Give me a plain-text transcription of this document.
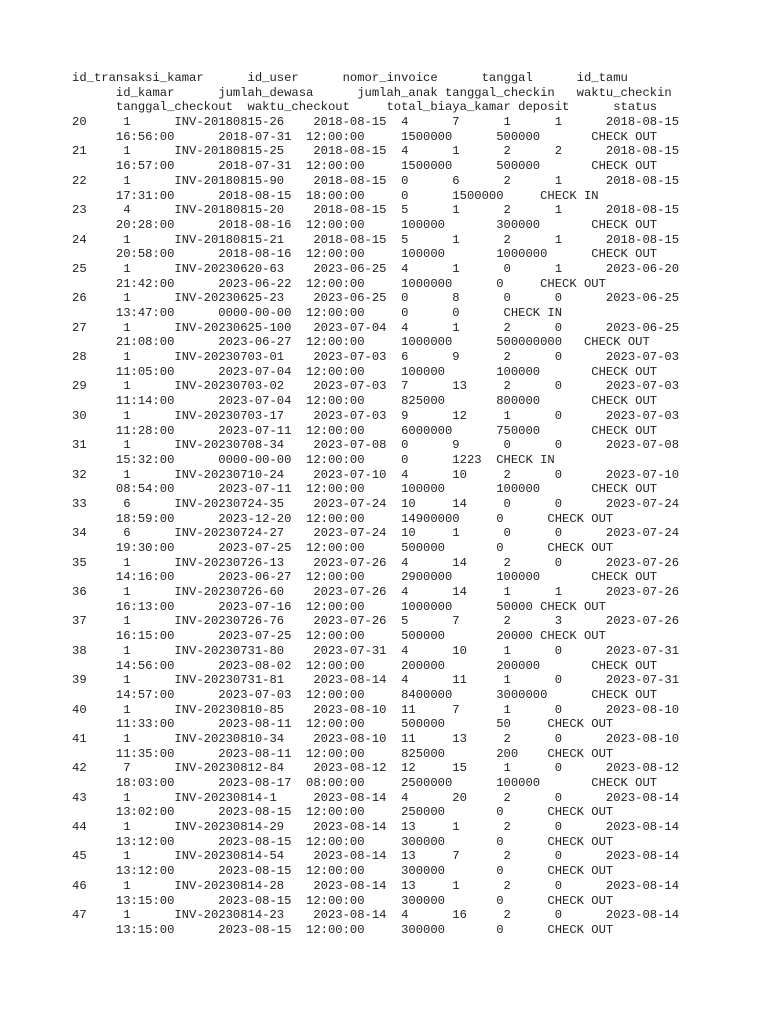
id_transaksi_kamar      id_user      nomor_invoice      tanggal      id_tamu
id_kamar      jumlah_dewasa      jumlah_anak tanggal_checkin   waktu_checkin
tanggal_checkout  waktu_checkout     total_biaya_kamar deposit      status
20     1      INV-20180815-26    2018-08-15  4      7      1      1      2018-08-15
16:56:00      2018-07-31  12:00:00     1500000      500000       CHECK OUT
21     1      INV-20180815-25    2018-08-15  4      1      2      2      2018-08-15
16:57:00      2018-07-31  12:00:00     1500000      500000       CHECK OUT
22     1      INV-20180815-90    2018-08-15  0      6      2      1      2018-08-15
17:31:00      2018-08-15  18:00:00     0      1500000     CHECK IN
23     4      INV-20180815-20    2018-08-15  5      1      2      1      2018-08-15
20:28:00      2018-08-16  12:00:00     100000       300000       CHECK OUT
24     1      INV-20180815-21    2018-08-15  5      1      2      1      2018-08-15
20:58:00      2018-08-16  12:00:00     100000       1000000      CHECK OUT
25     1      INV-20230620-63    2023-06-25  4      1      0      1      2023-06-20
21:42:00      2023-06-22  12:00:00     1000000      0     CHECK OUT
26     1      INV-20230625-23    2023-06-25  0      8      0      0      2023-06-25
13:47:00      0000-00-00  12:00:00     0      0      CHECK IN
27     1      INV-20230625-100   2023-07-04  4      1      2      0      2023-06-25
21:08:00      2023-06-27  12:00:00     1000000      500000000   CHECK OUT
28     1      INV-20230703-01    2023-07-03  6      9      2      0      2023-07-03
11:05:00      2023-07-04  12:00:00     100000       100000       CHECK OUT
29     1      INV-20230703-02    2023-07-03  7      13     2      0      2023-07-03
11:14:00      2023-07-04  12:00:00     825000       800000       CHECK OUT
30     1      INV-20230703-17    2023-07-03  9      12     1      0      2023-07-03
11:28:00      2023-07-11  12:00:00     6000000      750000       CHECK OUT
31     1      INV-20230708-34    2023-07-08  0      9      0      0      2023-07-08
15:32:00      0000-00-00  12:00:00     0      1223  CHECK IN
32     1      INV-20230710-24    2023-07-10  4      10     2      0      2023-07-10
08:54:00      2023-07-11  12:00:00     100000       100000       CHECK OUT
33     6      INV-20230724-35    2023-07-24  10     14     0      0      2023-07-24
18:59:00      2023-12-20  12:00:00     14900000     0      CHECK OUT
34     6      INV-20230724-27    2023-07-24  10     1      0      0      2023-07-24
19:30:00      2023-07-25  12:00:00     500000       0      CHECK OUT
35     1      INV-20230726-13    2023-07-26  4      14     2      0      2023-07-26
14:16:00      2023-06-27  12:00:00     2900000      100000       CHECK OUT
36     1      INV-20230726-60    2023-07-26  4      14     1      1      2023-07-26
16:13:00      2023-07-16  12:00:00     1000000      50000 CHECK OUT
37     1      INV-20230726-76    2023-07-26  5      7      2      3      2023-07-26
16:15:00      2023-07-25  12:00:00     500000       20000 CHECK OUT
38     1      INV-20230731-80    2023-07-31  4      10     1      0      2023-07-31
14:56:00      2023-08-02  12:00:00     200000       200000       CHECK OUT
39     1      INV-20230731-81    2023-08-14  4      11     1      0      2023-07-31
14:57:00      2023-07-03  12:00:00     8400000      3000000      CHECK OUT
40     1      INV-20230810-85    2023-08-10  11     7      1      0      2023-08-10
11:33:00      2023-08-11  12:00:00     500000       50     CHECK OUT
41     1      INV-20230810-34    2023-08-10  11     13     2      0      2023-08-10
11:35:00      2023-08-11  12:00:00     825000       200    CHECK OUT
42     7      INV-20230812-84    2023-08-12  12     15     1      0      2023-08-12
18:03:00      2023-08-17  08:00:00     2500000      100000       CHECK OUT
43     1      INV-20230814-1     2023-08-14  4      20     2      0      2023-08-14
13:02:00      2023-08-15  12:00:00     250000       0      CHECK OUT
44     1      INV-20230814-29    2023-08-14  13     1      2      0      2023-08-14
13:12:00      2023-08-15  12:00:00     300000       0      CHECK OUT
45     1      INV-20230814-54    2023-08-14  13     7      2      0      2023-08-14
13:12:00      2023-08-15  12:00:00     300000       0      CHECK OUT
46     1      INV-20230814-28    2023-08-14  13     1      2      0      2023-08-14
13:15:00      2023-08-15  12:00:00     300000       0      CHECK OUT
47     1      INV-20230814-23    2023-08-14  4      16     2      0      2023-08-14
13:15:00      2023-08-15  12:00:00     300000       0      CHECK OUT
